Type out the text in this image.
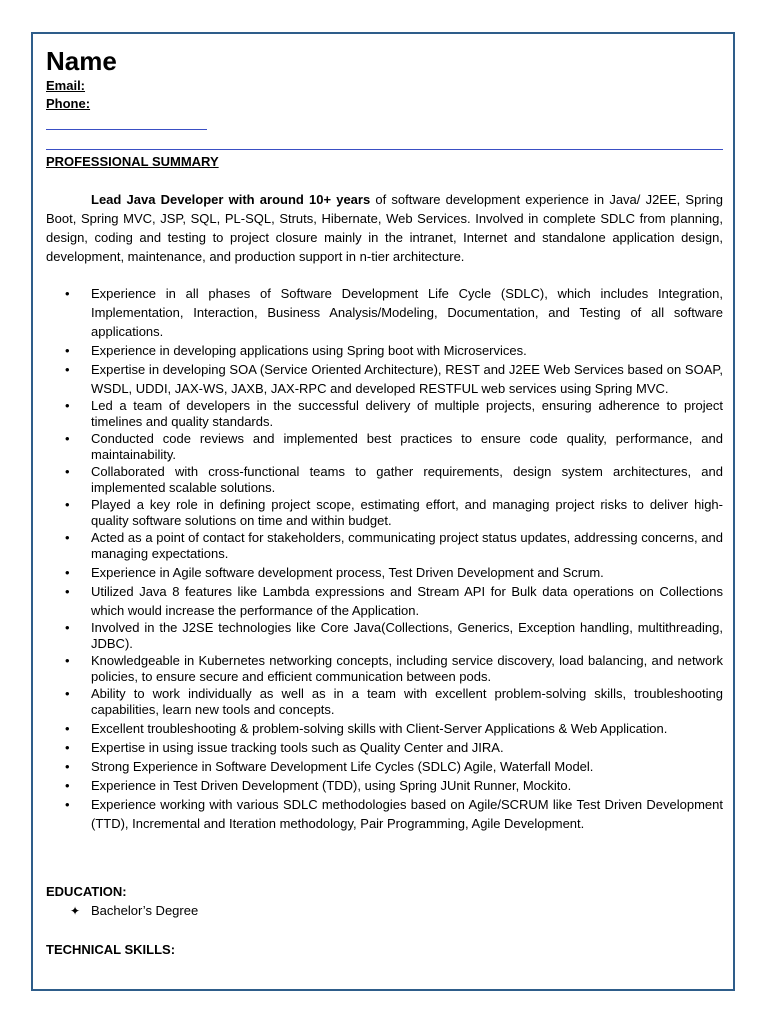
Name
Email:
Phone:
PROFESSIONAL SUMMARY

Lead Java Developer with around 10+ years of software development experience in Java/ J2EE, Spring Boot, Spring MVC, JSP, SQL, PL-SQL, Struts, Hibernate, Web Services. Involved in complete SDLC from planning, design, coding and testing to project closure mainly in the intranet, Internet and standalone application design, development, maintenance, and production support in n-tier architecture.

• Experience in all phases of Software Development Life Cycle (SDLC), which includes Integration, Implementation, Interaction, Business Analysis/Modeling, Documentation, and Testing of all software applications.
• Experience in developing applications using Spring boot with Microservices.
• Expertise in developing SOA (Service Oriented Architecture), REST and J2EE Web Services based on SOAP, WSDL, UDDI, JAX-WS, JAXB, JAX-RPC and developed RESTFUL web services using Spring MVC.
• Led a team of developers in the successful delivery of multiple projects, ensuring adherence to project timelines and quality standards.
• Conducted code reviews and implemented best practices to ensure code quality, performance, and maintainability.
• Collaborated with cross-functional teams to gather requirements, design system architectures, and implemented scalable solutions.
• Played a key role in defining project scope, estimating effort, and managing project risks to deliver high-quality software solutions on time and within budget.
• Acted as a point of contact for stakeholders, communicating project status updates, addressing concerns, and managing expectations.
• Experience in Agile software development process, Test Driven Development and Scrum.
• Utilized Java 8 features like Lambda expressions and Stream API for Bulk data operations on Collections which would increase the performance of the Application.
• Involved in the J2SE technologies like Core Java(Collections, Generics, Exception handling, multithreading, JDBC).
• Knowledgeable in Kubernetes networking concepts, including service discovery, load balancing, and network policies, to ensure secure and efficient communication between pods.
• Ability to work individually as well as in a team with excellent problem-solving skills, troubleshooting capabilities, learn new tools and concepts.
• Excellent troubleshooting & problem-solving skills with Client-Server Applications & Web Application.
• Expertise in using issue tracking tools such as Quality Center and JIRA.
• Strong Experience in Software Development Life Cycles (SDLC) Agile, Waterfall Model.
• Experience in Test Driven Development (TDD), using Spring JUnit Runner, Mockito.
• Experience working with various SDLC methodologies based on Agile/SCRUM like Test Driven Development (TTD), Incremental and Iteration methodology, Pair Programming, Agile Development.
EDUCATION:
✦ Bachelor’s Degree
TECHNICAL SKILLS:
